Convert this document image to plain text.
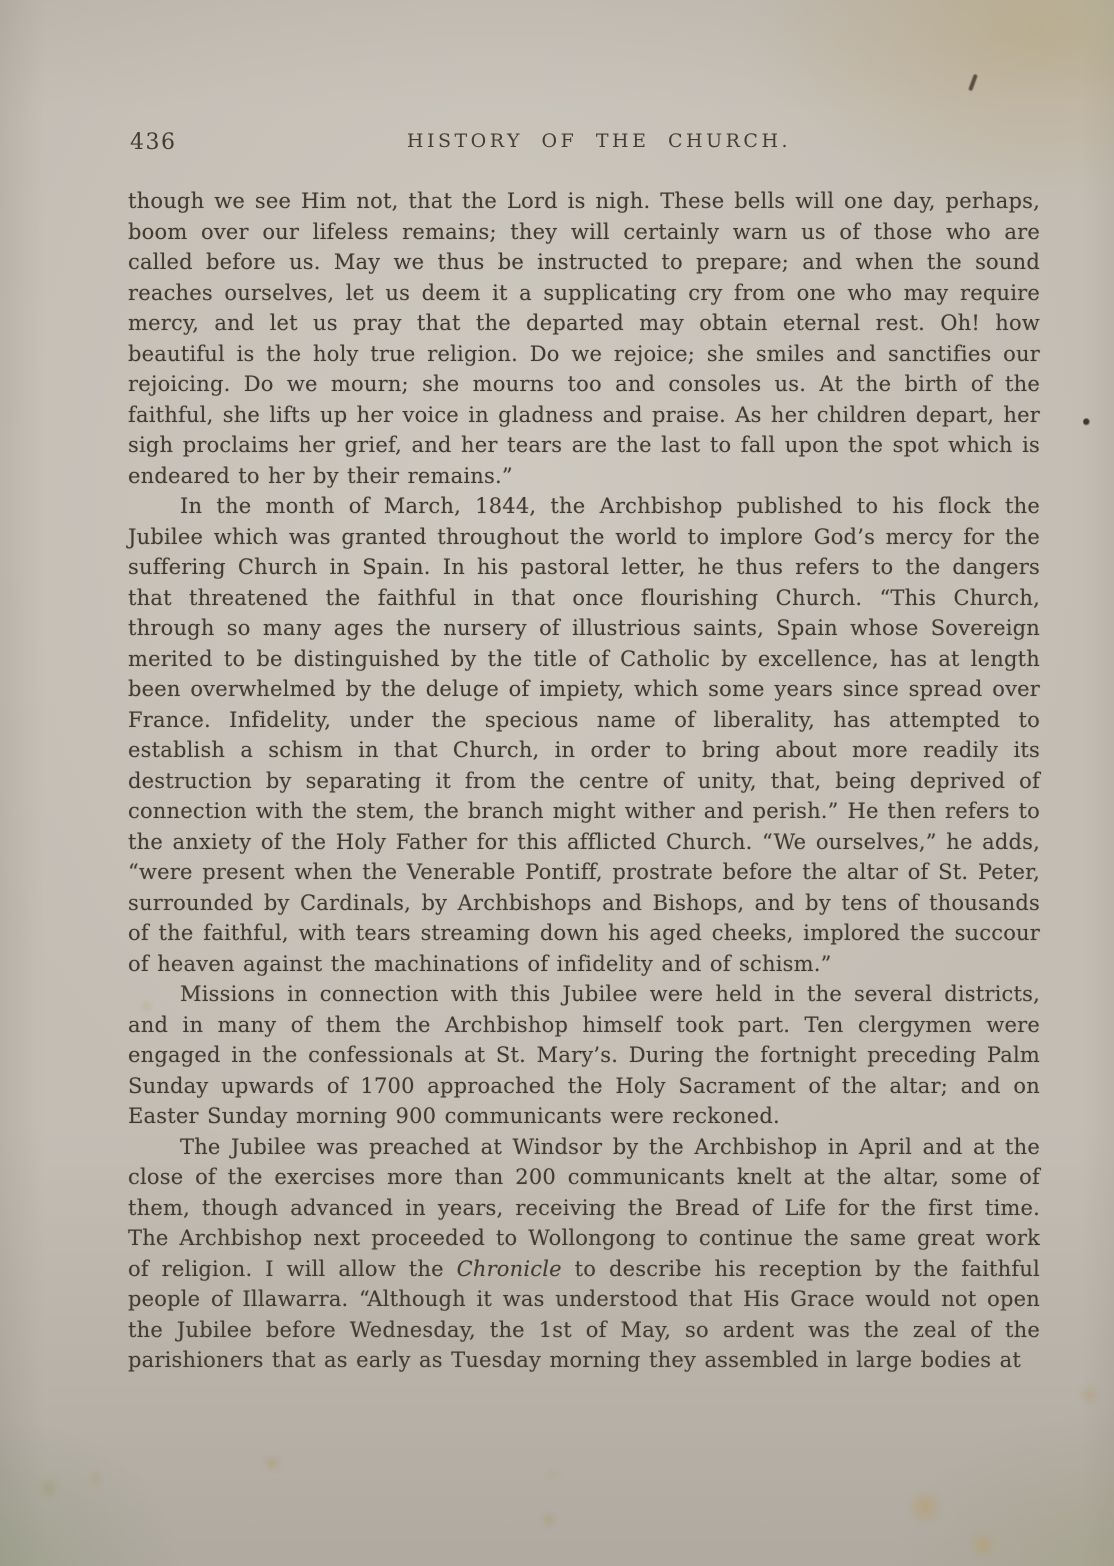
436	HISTORY OF THE CHURCH.

though we see Him not, that the Lord is nigh. These bells will one day, perhaps, boom over our lifeless remains; they will certainly warn us of those who are called before us. May we thus be instructed to prepare; and when the sound reaches ourselves, let us deem it a supplicating cry from one who may require mercy, and let us pray that the departed may obtain eternal rest. Oh! how beautiful is the holy true religion. Do we rejoice; she smiles and sanctifies our rejoicing. Do we mourn; she mourns too and consoles us. At the birth of the faithful, she lifts up her voice in gladness and praise. As her children depart, her sigh proclaims her grief, and her tears are the last to fall upon the spot which is endeared to her by their remains.”

In the month of March, 1844, the Archbishop published to his flock the Jubilee which was granted throughout the world to implore God’s mercy for the suffering Church in Spain. In his pastoral letter, he thus refers to the dangers that threatened the faithful in that once flourishing Church. “This Church, through so many ages the nursery of illustrious saints, Spain whose Sovereign merited to be distinguished by the title of Catholic by excellence, has at length been overwhelmed by the deluge of impiety, which some years since spread over France. Infidelity, under the specious name of liberality, has attempted to establish a schism in that Church, in order to bring about more readily its destruction by separating it from the centre of unity, that, being deprived of connection with the stem, the branch might wither and perish.” He then refers to the anxiety of the Holy Father for this afflicted Church. “We ourselves,” he adds, “were present when the Venerable Pontiff, prostrate before the altar of St. Peter, surrounded by Cardinals, by Archbishops and Bishops, and by tens of thousands of the faithful, with tears streaming down his aged cheeks, implored the succour of heaven against the machinations of infidelity and of schism.”

Missions in connection with this Jubilee were held in the several districts, and in many of them the Archbishop himself took part. Ten clergymen were engaged in the confessionals at St. Mary’s. During the fortnight preceding Palm Sunday upwards of 1700 approached the Holy Sacrament of the altar; and on Easter Sunday morning 900 communicants were reckoned.

The Jubilee was preached at Windsor by the Archbishop in April and at the close of the exercises more than 200 communicants knelt at the altar, some of them, though advanced in years, receiving the Bread of Life for the first time. The Archbishop next proceeded to Wollongong to continue the same great work of religion. I will allow the Chronicle to describe his reception by the faithful people of Illawarra. “Although it was understood that His Grace would not open the Jubilee before Wednesday, the 1st of May, so ardent was the zeal of the parishioners that as early as Tuesday morning they assembled in large bodies at
